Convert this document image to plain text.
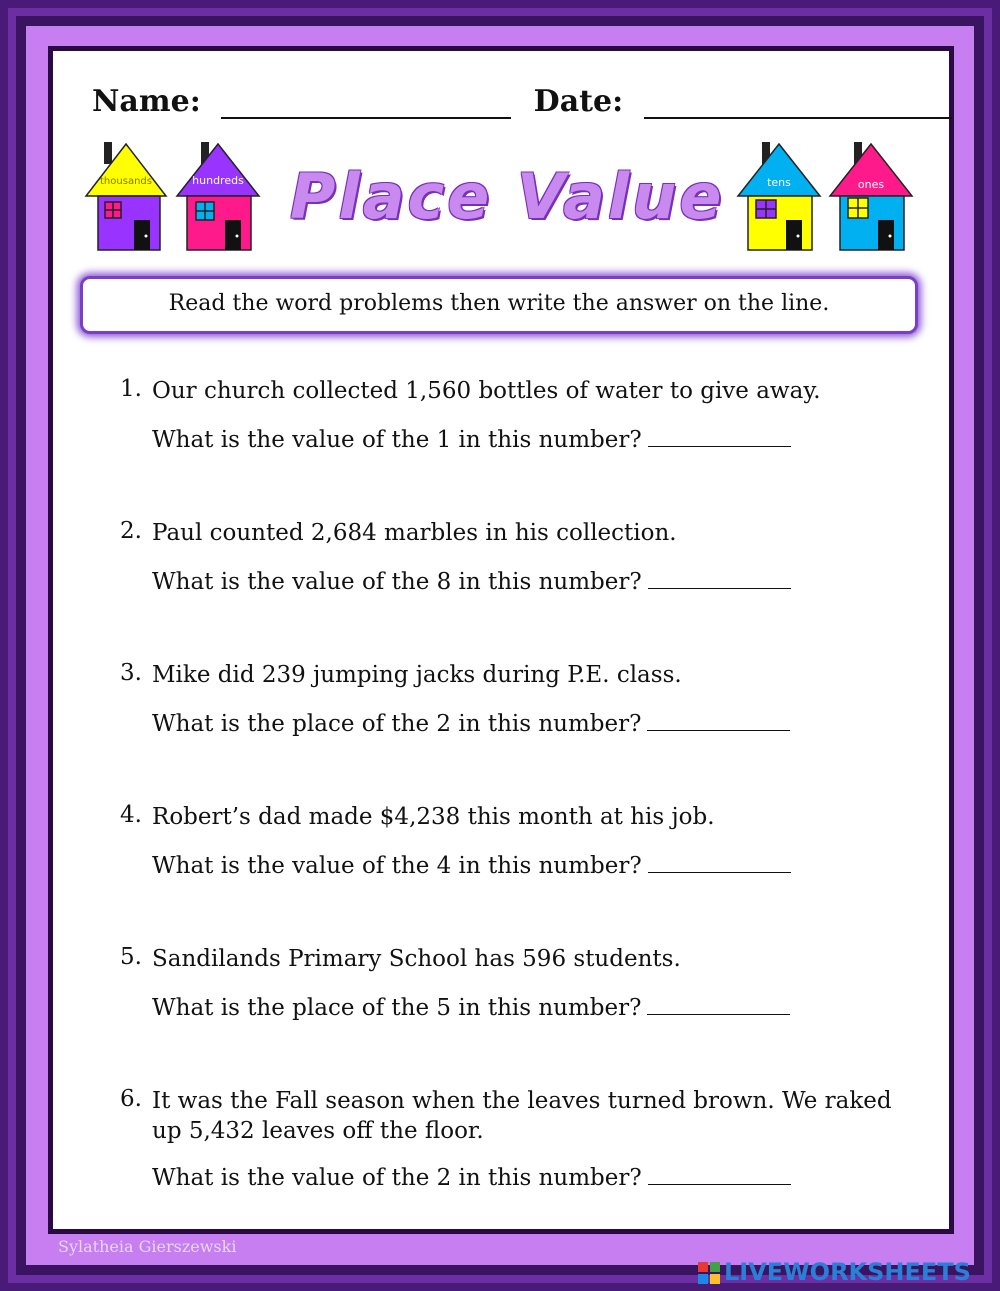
Name:	Date:
thousands	hundreds	tens	ones
Place Value
Read the word problems then write the answer on the line.
1. Our church collected 1,560 bottles of water to give away.
What is the value of the 1 in this number?
2. Paul counted 2,684 marbles in his collection.
What is the value of the 8 in this number?
3. Mike did 239 jumping jacks during P.E. class.
What is the place of the 2 in this number?
4. Robert’s dad made $4,238 this month at his job.
What is the value of the 4 in this number?
5. Sandilands Primary School has 596 students.
What is the place of the 5 in this number?
6. It was the Fall season when the leaves turned brown. We raked up 5,432 leaves off the floor.
What is the value of the 2 in this number?
Sylatheia Gierszewski
LIVEWORKSHEETS
